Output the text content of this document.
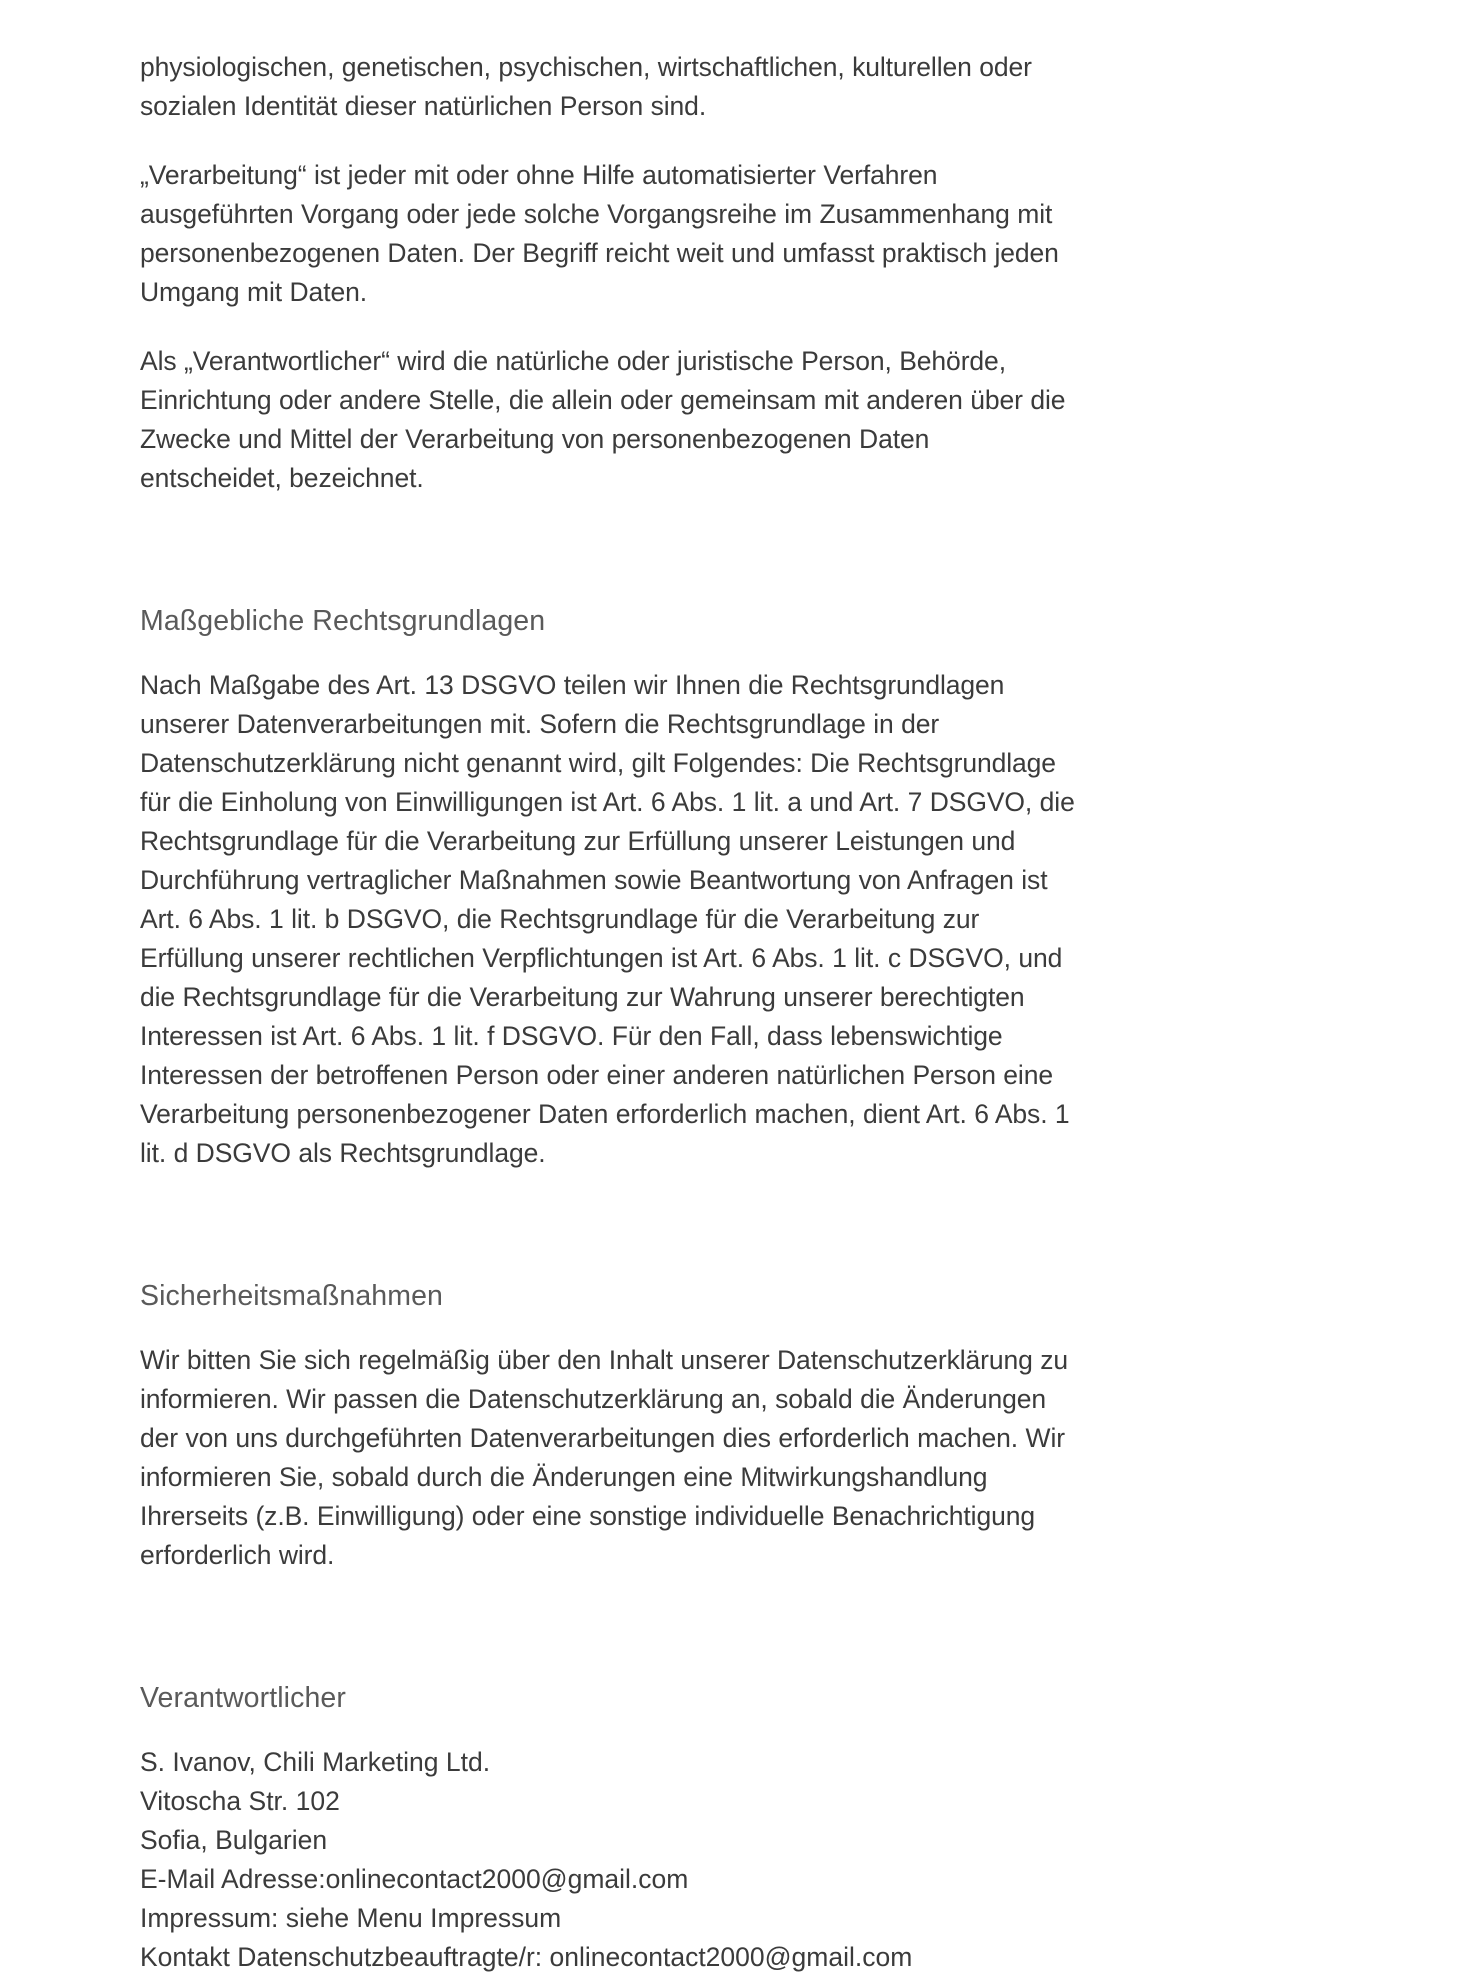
physiologischen, genetischen, psychischen, wirtschaftlichen, kulturellen oder sozialen Identität dieser natürlichen Person sind.

„Verarbeitung“ ist jeder mit oder ohne Hilfe automatisierter Verfahren ausgeführten Vorgang oder jede solche Vorgangsreihe im Zusammenhang mit personenbezogenen Daten. Der Begriff reicht weit und umfasst praktisch jeden Umgang mit Daten.

Als „Verantwortlicher“ wird die natürliche oder juristische Person, Behörde, Einrichtung oder andere Stelle, die allein oder gemeinsam mit anderen über die Zwecke und Mittel der Verarbeitung von personenbezogenen Daten entscheidet, bezeichnet.

Maßgebliche Rechtsgrundlagen

Nach Maßgabe des Art. 13 DSGVO teilen wir Ihnen die Rechtsgrundlagen unserer Datenverarbeitungen mit. Sofern die Rechtsgrundlage in der Datenschutzerklärung nicht genannt wird, gilt Folgendes: Die Rechtsgrundlage für die Einholung von Einwilligungen ist Art. 6 Abs. 1 lit. a und Art. 7 DSGVO, die Rechtsgrundlage für die Verarbeitung zur Erfüllung unserer Leistungen und Durchführung vertraglicher Maßnahmen sowie Beantwortung von Anfragen ist Art. 6 Abs. 1 lit. b DSGVO, die Rechtsgrundlage für die Verarbeitung zur Erfüllung unserer rechtlichen Verpflichtungen ist Art. 6 Abs. 1 lit. c DSGVO, und die Rechtsgrundlage für die Verarbeitung zur Wahrung unserer berechtigten Interessen ist Art. 6 Abs. 1 lit. f DSGVO. Für den Fall, dass lebenswichtige Interessen der betroffenen Person oder einer anderen natürlichen Person eine Verarbeitung personenbezogener Daten erforderlich machen, dient Art. 6 Abs. 1 lit. d DSGVO als Rechtsgrundlage.

Sicherheitsmaßnahmen

Wir bitten Sie sich regelmäßig über den Inhalt unserer Datenschutzerklärung zu informieren. Wir passen die Datenschutzerklärung an, sobald die Änderungen der von uns durchgeführten Datenverarbeitungen dies erforderlich machen. Wir informieren Sie, sobald durch die Änderungen eine Mitwirkungshandlung Ihrerseits (z.B. Einwilligung) oder eine sonstige individuelle Benachrichtigung erforderlich wird.

Verantwortlicher
S. Ivanov, Chili Marketing Ltd.
Vitoscha Str. 102
Sofia, Bulgarien
E-Mail Adresse:onlinecontact2000@gmail.com
Impressum: siehe Menu Impressum
Kontakt Datenschutzbeauftragte/r: onlinecontact2000@gmail.com
